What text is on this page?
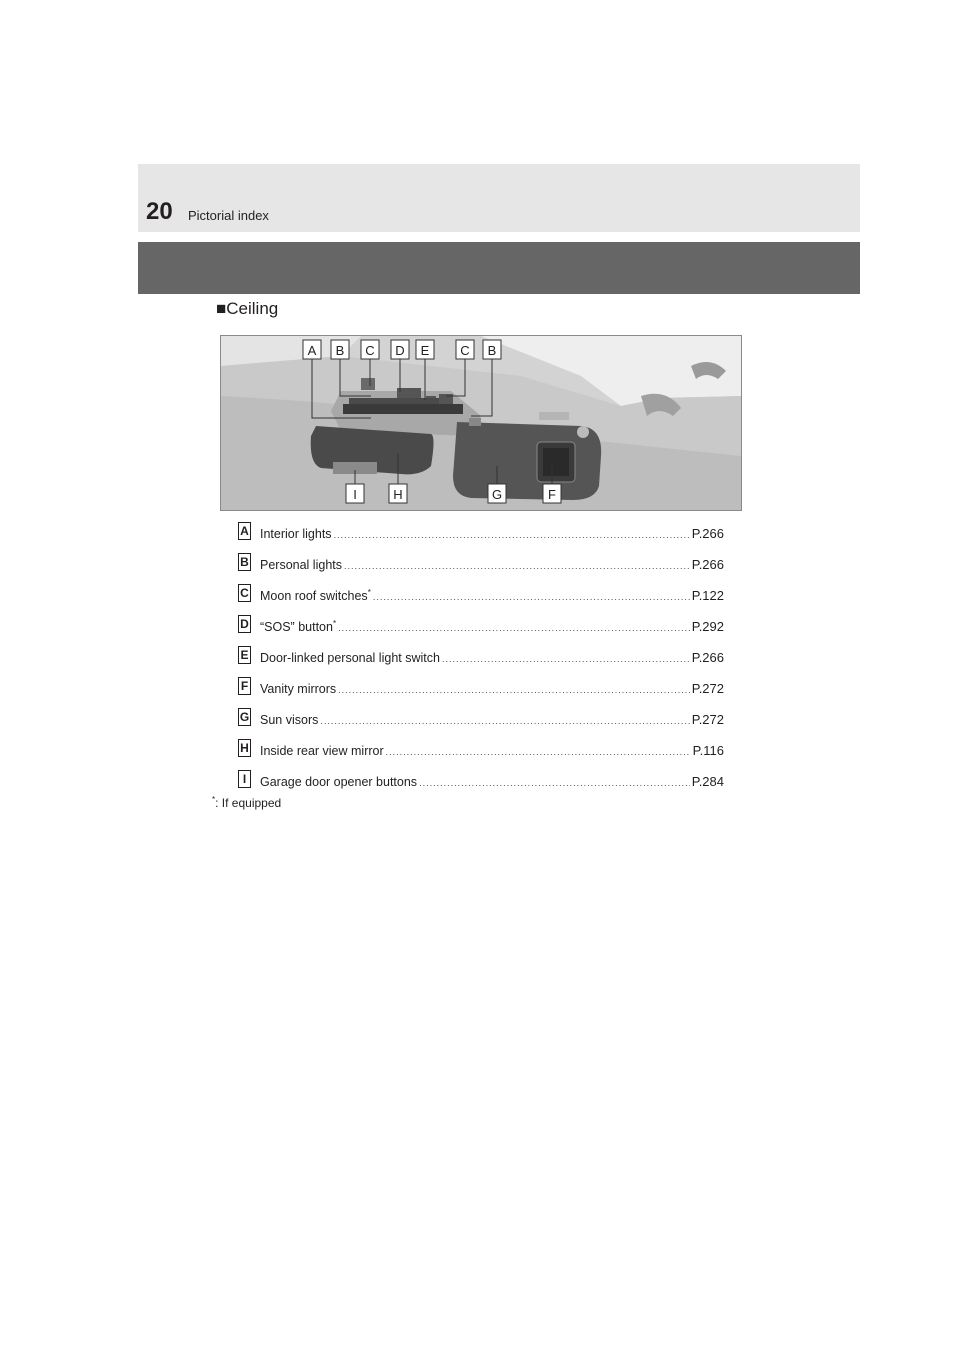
20 Pictorial index
■Ceiling
A B C D E C B
I	H	G	F
A Interior lights .....	P.266
B Personal lights .....	P.266
C Moon roof switches* .....	P.122
D “SOS” button* .....	P.292
E Door-linked personal light switch .....	P.266
F Vanity mirrors .....	P.272
G Sun visors .....	P.272
H Inside rear view mirror .....	P.116
I	Garage door opener buttons .....	P.284
*: If equipped
